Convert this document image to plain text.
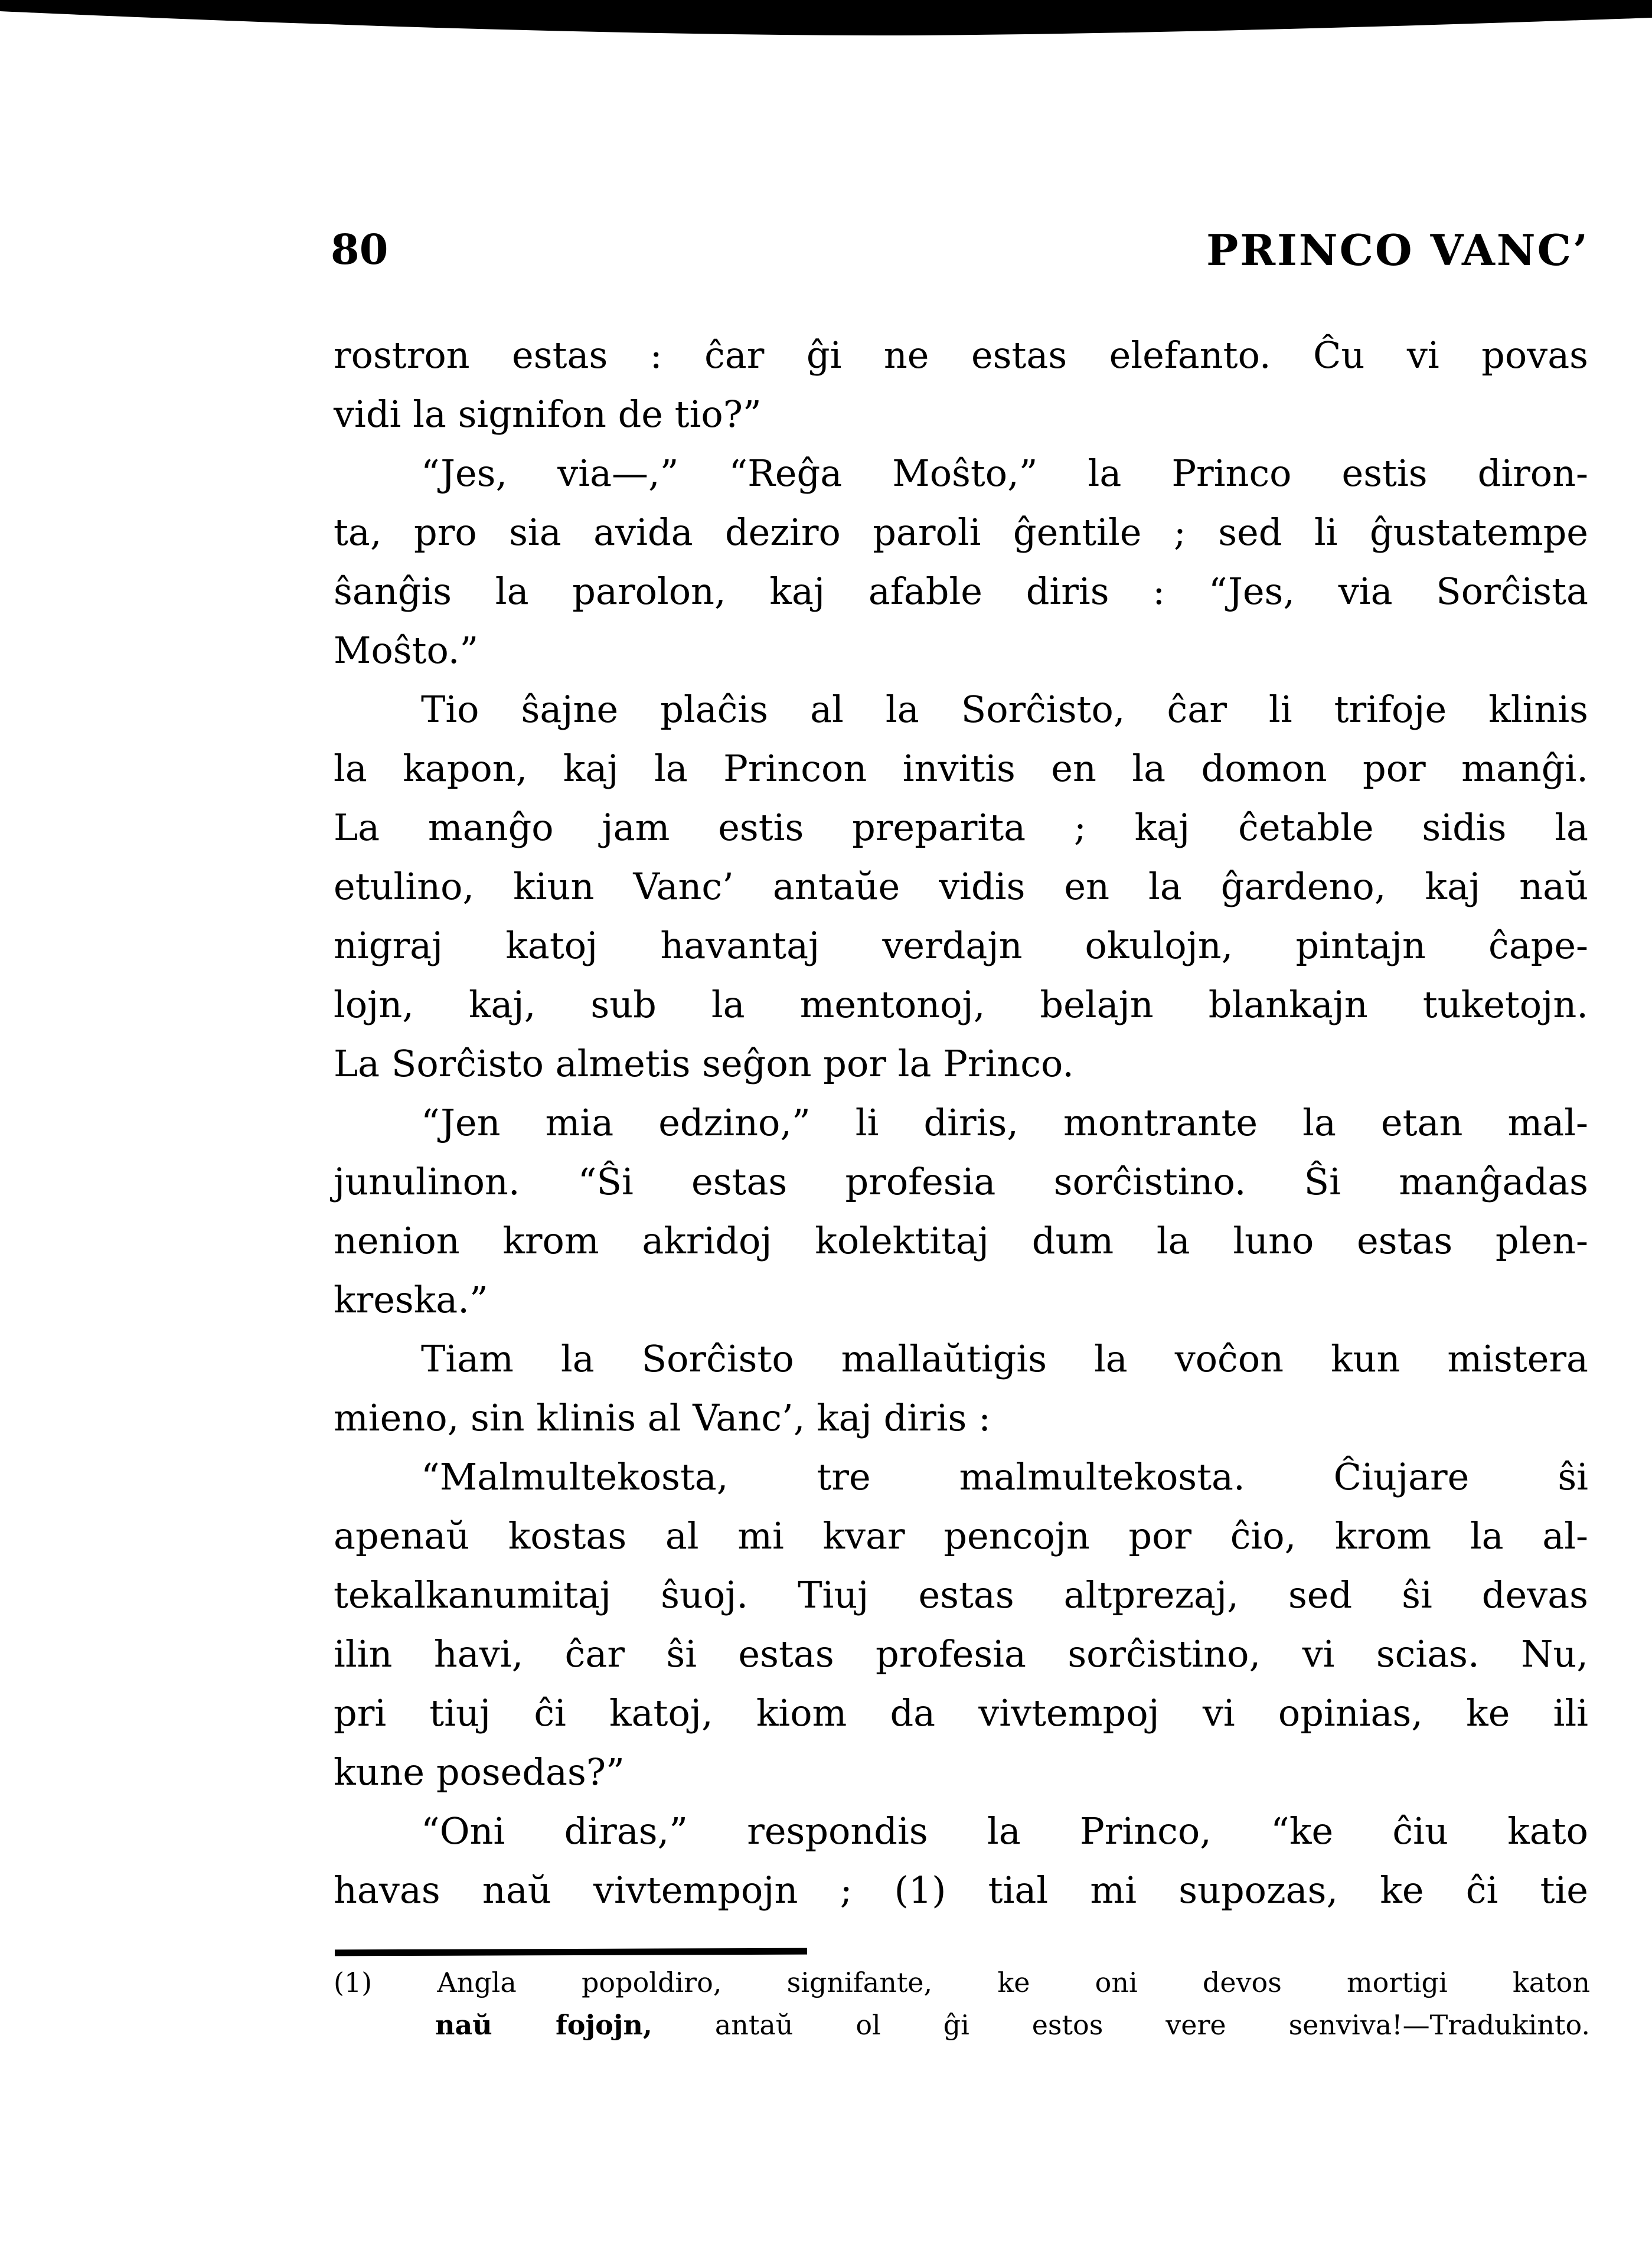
80	PRINCO VANC’
rostron estas : ĉar ĝi ne estas elefanto. Ĉu vi povas
vidi la signifon de tio?”
“Jes, via—,” “Reĝa Moŝto,” la Princo estis diron-
ta, pro sia avida deziro paroli ĝentile ; sed li ĝustatempe
ŝanĝis la parolon, kaj afable diris : “Jes, via Sorĉista
Moŝto.”
Tio ŝajne plaĉis al la Sorĉisto, ĉar li trifoje klinis
la kapon, kaj la Princon invitis en la domon por manĝi.
La manĝo jam estis preparita ; kaj ĉetable sidis la
etulino, kiun Vanc’ antaŭe vidis en la ĝardeno, kaj naŭ
nigraj katoj havantaj verdajn okulojn, pintajn ĉape-
lojn, kaj, sub la mentonoj, belajn blankajn tuketojn.
La Sorĉisto almetis seĝon por la Princo.
“Jen mia edzino,” li diris, montrante la etan mal-
junulinon. “Ŝi estas profesia sorĉistino. Ŝi manĝadas
nenion krom akridoj kolektitaj dum la luno estas plen-
kreska.”
Tiam la Sorĉisto mallaŭtigis la voĉon kun mistera
mieno, sin klinis al Vanc’, kaj diris :
“Malmultekosta, tre malmultekosta. Ĉiujare ŝi
apenaŭ kostas al mi kvar pencojn por ĉio, krom la al-
tekalkanumitaj ŝuoj. Tiuj estas altprezaj, sed ŝi devas
ilin havi, ĉar ŝi estas profesia sorĉistino, vi scias. Nu,
pri tiuj ĉi katoj, kiom da vivtempoj vi opinias, ke ili
kune posedas?”
“Oni diras,” respondis la Princo, “ke ĉiu kato
havas naŭ vivtempojn ; (1) tial mi supozas, ke ĉi tie
(1) Angla popoldiro, signifante, ke oni devos mortigi katon
naŭ fojojn, antaŭ ol ĝi estos vere senviva!—Tradukinto.
